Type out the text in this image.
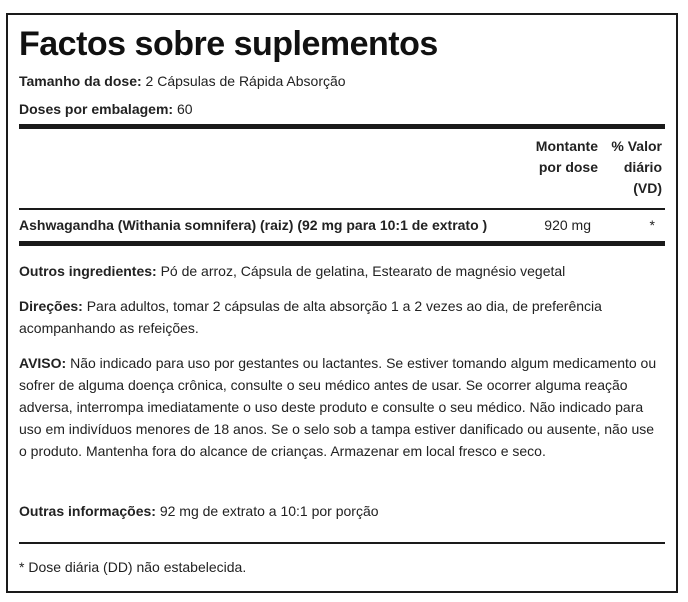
Factos sobre suplementos
Tamanho da dose: 2 Cápsulas de Rápida Absorção
Doses por embalagem: 60
Montante
por dose
% Valor
diário
(VD)
Ashwagandha (Withania somnifera) (raiz) (92 mg para 10:1 de extrato )	920 mg	*
Outros ingredientes: Pó de arroz, Cápsula de gelatina, Estearato de magnésio vegetal
Direções: Para adultos, tomar 2 cápsulas de alta absorção 1 a 2 vezes ao dia, de preferência acompanhando as refeições.
AVISO: Não indicado para uso por gestantes ou lactantes. Se estiver tomando algum medicamento ou sofrer de alguma doença crônica, consulte o seu médico antes de usar. Se ocorrer alguma reação adversa, interrompa imediatamente o uso deste produto e consulte o seu médico. Não indicado para uso em indivíduos menores de 18 anos. Se o selo sob a tampa estiver danificado ou ausente, não use o produto. Mantenha fora do alcance de crianças. Armazenar em local fresco e seco.
Outras informações: 92 mg de extrato a 10:1 por porção
* Dose diária (DD) não estabelecida.
